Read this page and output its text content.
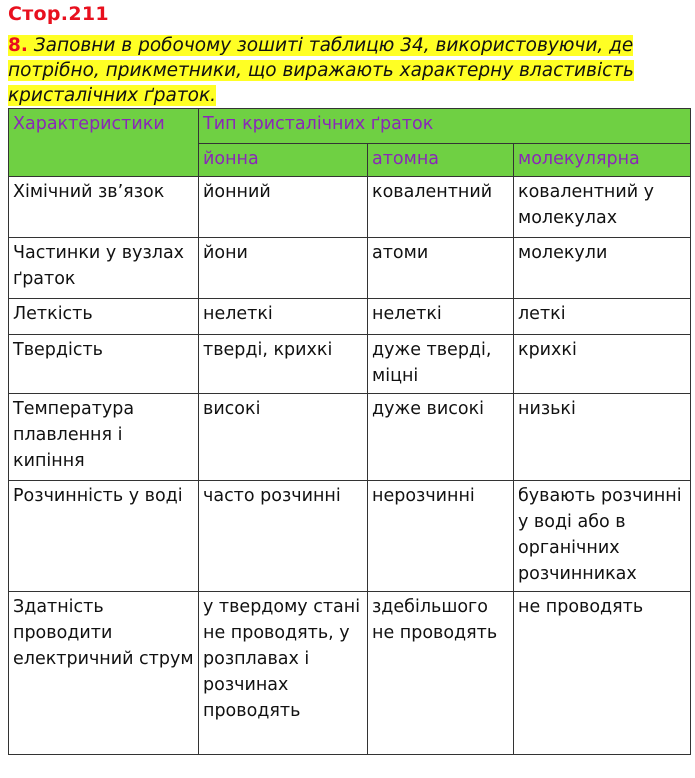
Стор.211
8. Заповни в робочому зошиті таблицю 34, використовуючи, де
потрібно, прикметники, що виражають характерну властивість
кристалічних ґраток.
Характеристики	Тип кристалічних ґраток		
	йонна	атомна	молекулярна
Хімічний зв’язок	йонний	ковалентний	ковалентний у молекулах
Частинки у вузлах ґраток	йони	атоми	молекули
Леткість	нелеткі	нелеткі	леткі
Твердість	тверді, крихкі	дуже тверді, міцні	крихкі
Температура плавлення і кипіння	високі	дуже високі	низькі
Розчинність у воді	часто розчинні	нерозчинні	бувають розчинні у воді або в органічних розчинниках
Здатність проводити електричний струм	у твердому стані не проводять, у розплавах і розчинах проводять	здебільшого не проводять	не проводять
